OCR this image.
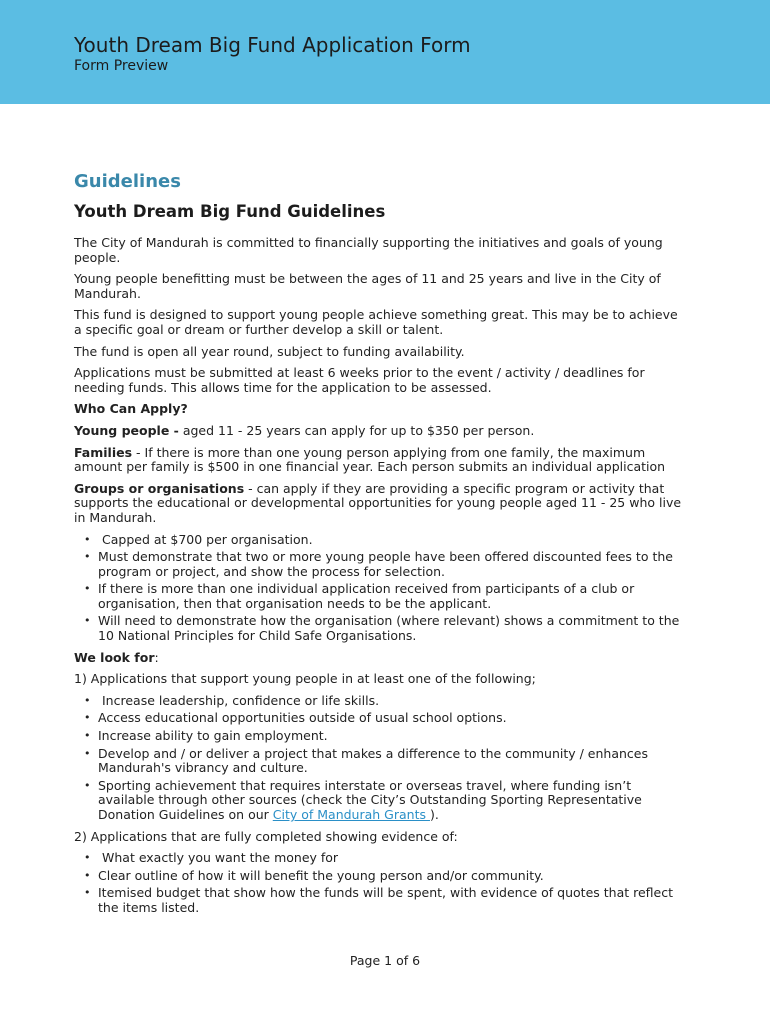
Youth Dream Big Fund Application Form
Form Preview
Guidelines
Youth Dream Big Fund Guidelines

The City of Mandurah is committed to financially supporting the initiatives and goals of young people.

Young people benefitting must be between the ages of 11 and 25 years and live in the City of Mandurah.

This fund is designed to support young people achieve something great. This may be to achieve a specific goal or dream or further develop a skill or talent.

The fund is open all year round, subject to funding availability.

Applications must be submitted at least 6 weeks prior to the event / activity / deadlines for needing funds. This allows time for the application to be assessed.

Who Can Apply?

Young people - aged 11 - 25 years can apply for up to $350 per person.

Families - If there is more than one young person applying from one family, the maximum amount per family is $500 in one financial year. Each person submits an individual application

Groups or organisations - can apply if they are providing a specific program or activity that supports the educational or developmental opportunities for young people aged 11 - 25 who live in Mandurah.

• Capped at $700 per organisation.
• Must demonstrate that two or more young people have been offered discounted fees to the program or project, and show the process for selection.
• If there is more than one individual application received from participants of a club or organisation, then that organisation needs to be the applicant.
• Will need to demonstrate how the organisation (where relevant) shows a commitment to the 10 National Principles for Child Safe Organisations.

We look for:

1) Applications that support young people in at least one of the following;

• Increase leadership, confidence or life skills.
• Access educational opportunities outside of usual school options.
• Increase ability to gain employment.
• Develop and / or deliver a project that makes a difference to the community / enhances Mandurah's vibrancy and culture.
• Sporting achievement that requires interstate or overseas travel, where funding isn’t available through other sources (check the City’s Outstanding Sporting Representative Donation Guidelines on our City of Mandurah Grants ).

2) Applications that are fully completed showing evidence of:

• What exactly you want the money for
• Clear outline of how it will benefit the young person and/or community.
• Itemised budget that show how the funds will be spent, with evidence of quotes that reflect the items listed.
Page 1 of 6
